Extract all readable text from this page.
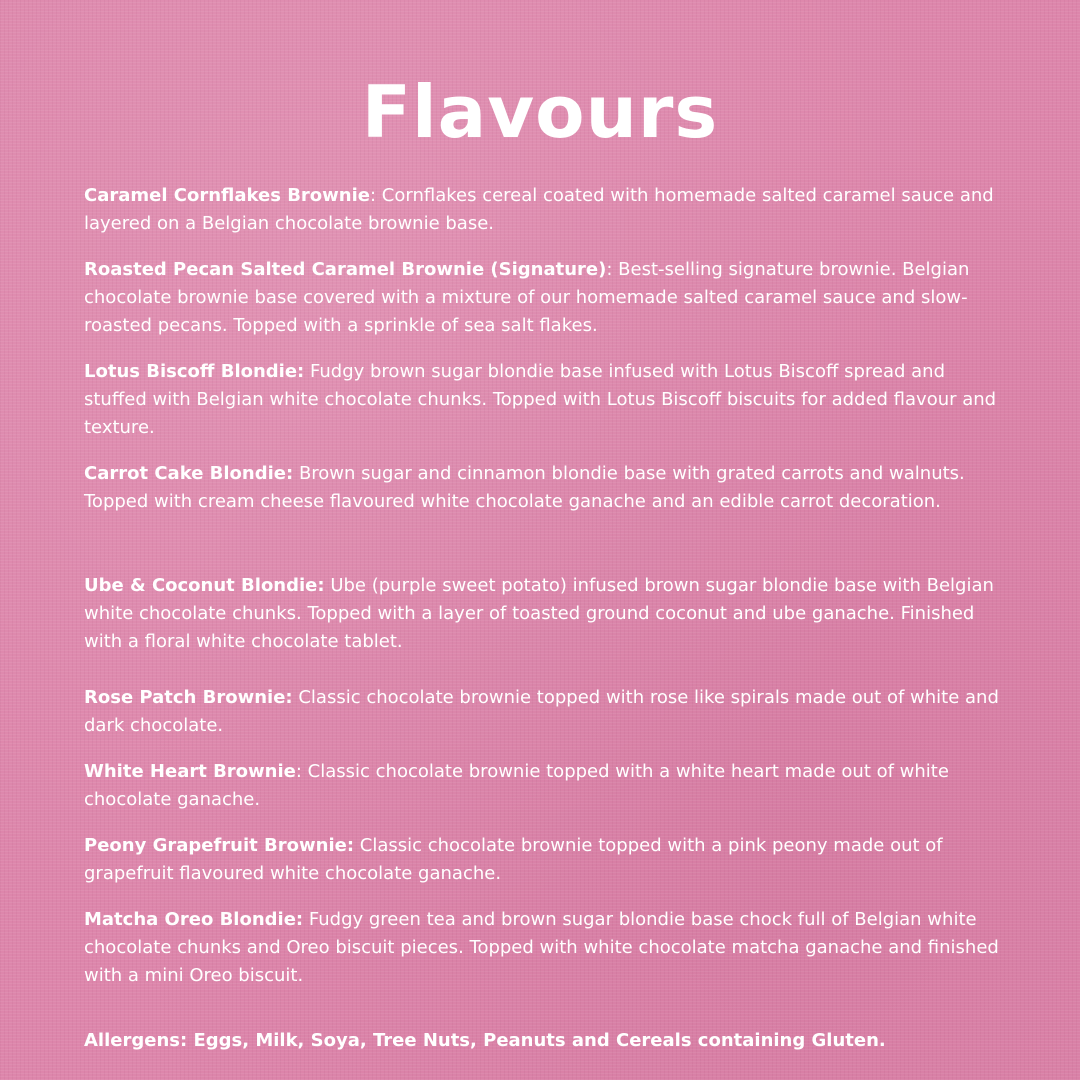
Flavours

Caramel Cornflakes Brownie: Cornflakes cereal coated with homemade salted caramel sauce and layered on a Belgian chocolate brownie base.

Roasted Pecan Salted Caramel Brownie (Signature): Best-selling signature brownie. Belgian chocolate brownie base covered with a mixture of our homemade salted caramel sauce and slow-roasted pecans. Topped with a sprinkle of sea salt flakes.

Lotus Biscoff Blondie: Fudgy brown sugar blondie base infused with Lotus Biscoff spread and stuffed with Belgian white chocolate chunks. Topped with Lotus Biscoff biscuits for added flavour and texture.

Carrot Cake Blondie: Brown sugar and cinnamon blondie base with grated carrots and walnuts. Topped with cream cheese flavoured white chocolate ganache and an edible carrot decoration.

Ube & Coconut Blondie: Ube (purple sweet potato) infused brown sugar blondie base with Belgian white chocolate chunks. Topped with a layer of toasted ground coconut and ube ganache. Finished with a floral white chocolate tablet.

Rose Patch Brownie: Classic chocolate brownie topped with rose like spirals made out of white and dark chocolate.

White Heart Brownie: Classic chocolate brownie topped with a white heart made out of white chocolate ganache.

Peony Grapefruit Brownie: Classic chocolate brownie topped with a pink peony made out of grapefruit flavoured white chocolate ganache.

Matcha Oreo Blondie: Fudgy green tea and brown sugar blondie base chock full of Belgian white chocolate chunks and Oreo biscuit pieces. Topped with white chocolate matcha ganache and finished with a mini Oreo biscuit.

Allergens: Eggs, Milk, Soya, Tree Nuts, Peanuts and Cereals containing Gluten.
